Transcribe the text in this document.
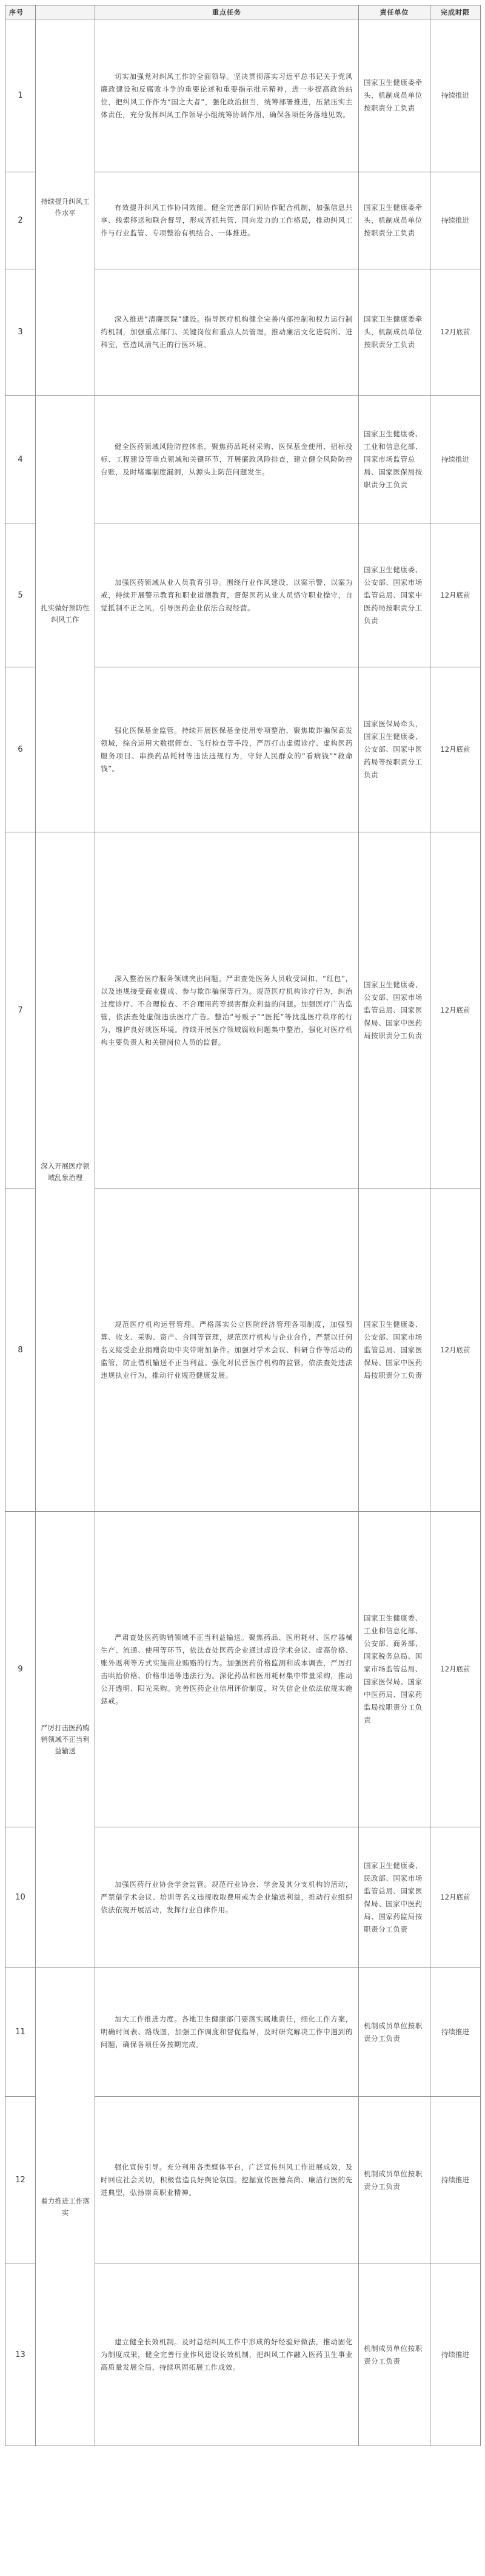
序号		重点任务	责任单位	完成时限
1	持续提升纠风工作水平	切实加强党对纠风工作的全面领导。坚决贯彻落实习近平总书记关于党风廉政建设和反腐败斗争的重要论述和重要指示批示精神，进一步提高政治站位，把纠风工作作为“国之大者”，强化政治担当，统筹部署推进，压紧压实主体责任，充分发挥纠风工作领导小组统筹协调作用，确保各项任务落地见效。	国家卫生健康委牵头，机制成员单位按职责分工负责	持续推进
2		有效提升纠风工作协同效能。健全完善部门间协作配合机制，加强信息共享、线索移送和联合督导，形成齐抓共管、同向发力的工作格局，推动纠风工作与行业监管、专项整治有机结合、一体推进。	国家卫生健康委牵头，机制成员单位按职责分工负责	持续推进
3		深入推进“清廉医院”建设。指导医疗机构健全完善内部控制和权力运行制约机制，加强重点部门、关键岗位和重点人员管理，推动廉洁文化进院所、进科室，营造风清气正的行医环境。	国家卫生健康委牵头，机制成员单位按职责分工负责	12月底前
4	扎实做好预防性纠风工作	健全医药领域风险防控体系。聚焦药品耗材采购、医保基金使用、招标投标、工程建设等重点领域和关键环节，开展廉政风险排查，建立健全风险防控台账，及时堵塞制度漏洞，从源头上防范问题发生。	国家卫生健康委、工业和信息化部、国家市场监管总局、国家医保局按职责分工负责	持续推进
5		加强医药领域从业人员教育引导。围绕行业作风建设，以案示警、以案为戒，持续开展警示教育和职业道德教育，督促医药从业人员恪守职业操守，自觉抵制不正之风，引导医药企业依法合规经营。	国家卫生健康委、公安部、国家市场监管总局、国家中医药局按职责分工负责	12月底前
6		强化医保基金监管。持续开展医保基金使用专项整治，聚焦欺诈骗保高发领域，综合运用大数据筛查、飞行检查等手段，严厉打击虚假诊疗、虚构医药服务项目、串换药品耗材等违法违规行为，守好人民群众的“看病钱”“救命钱”。	国家医保局牵头，国家卫生健康委、公安部、国家中医药局等按职责分工负责	12月底前
7	深入开展医疗领域乱象治理	深入整治医疗服务领域突出问题。严肃查处医务人员收受回扣、“红包”，以及违规接受商业提成、参与欺诈骗保等行为。规范医疗机构诊疗行为，纠治过度诊疗、不合理检查、不合理用药等损害群众利益的问题。加强医疗广告监管，依法查处虚假违法医疗广告。整治“号贩子”“医托”等扰乱医疗秩序的行为，维护良好就医环境。持续开展医疗领域腐败问题集中整治，强化对医疗机构主要负责人和关键岗位人员的监督。	国家卫生健康委、公安部、国家市场监管总局、国家医保局、国家中医药局按职责分工负责	12月底前
8		规范医疗机构运营管理。严格落实公立医院经济管理各项制度，加强预算、收支、采购、资产、合同等管理，规范医疗机构与企业合作，严禁以任何名义接受企业捐赠资助中夹带附加条件。加强对学术会议、科研合作等活动的监管，防止借机输送不正当利益。强化对民营医疗机构的监管，依法查处违法违规执业行为，推动行业规范健康发展。	国家卫生健康委、公安部、国家市场监管总局、国家医保局、国家中医药局按职责分工负责	12月底前
9	严厉打击医药购销领域不正当利益输送	严肃查处医药购销领域不正当利益输送。聚焦药品、医用耗材、医疗器械生产、流通、使用等环节，依法查处医药企业通过虚设学术会议、虚高价格、账外返利等方式实施商业贿赂的行为。加强医药价格监测和成本调查，严厉打击哄抬价格、价格串通等违法行为。深化药品和医用耗材集中带量采购，推动公开透明、阳光采购。完善医药企业信用评价制度，对失信企业依法依规实施惩戒。	国家卫生健康委、工业和信息化部、公安部、商务部、国家税务总局、国家市场监管总局、国家医保局、国家中医药局、国家药监局按职责分工负责	12月底前
10		加强医药行业协会学会监管。规范行业协会、学会及其分支机构的活动，严禁借学术会议、培训等名义违规收取费用或为企业输送利益，推动行业组织依法依规开展活动，发挥行业自律作用。	国家卫生健康委、民政部、国家市场监管总局、国家医保局、国家中医药局、国家药监局按职责分工负责	12月底前
11	着力推进工作落实	加大工作推进力度。各地卫生健康部门要落实属地责任，细化工作方案，明确时间表、路线图，加强工作调度和督促指导，及时研究解决工作中遇到的问题，确保各项任务按期完成。	机制成员单位按职责分工负责	持续推进
12		强化宣传引导。充分利用各类媒体平台，广泛宣传纠风工作进展成效，及时回应社会关切，积极营造良好舆论氛围。挖掘宣传医德高尚、廉洁行医的先进典型，弘扬崇高职业精神。	机制成员单位按职责分工负责	持续推进
13		建立健全长效机制。及时总结纠风工作中形成的好经验好做法，推动固化为制度成果，健全完善行业作风建设长效机制，把纠风工作融入医药卫生事业高质量发展全局，持续巩固拓展工作成效。	机制成员单位按职责分工负责	持续推进
